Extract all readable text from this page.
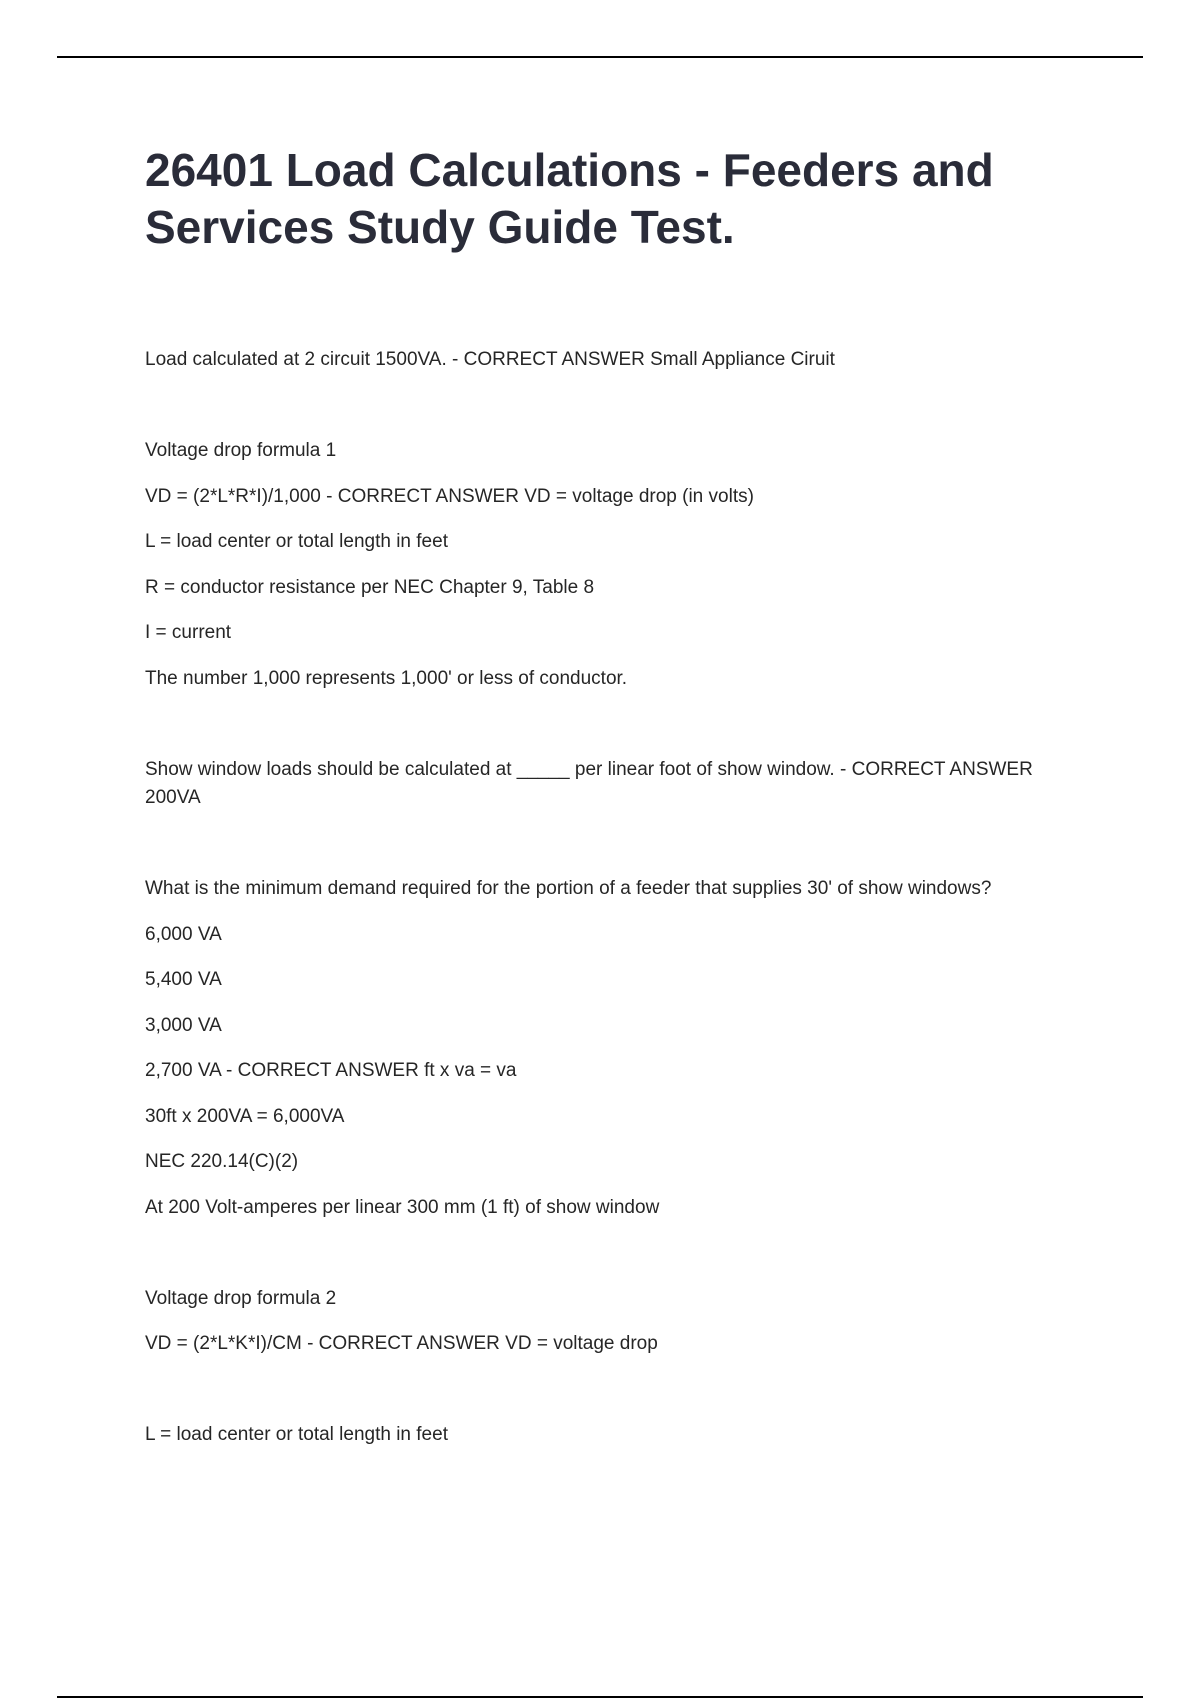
26401 Load Calculations - Feeders and Services Study Guide Test.

Load calculated at 2 circuit 1500VA. - CORRECT ANSWER Small Appliance Ciruit

Voltage drop formula 1

VD = (2*L*R*I)/1,000 - CORRECT ANSWER VD = voltage drop (in volts)

L = load center or total length in feet

R = conductor resistance per NEC Chapter 9, Table 8

I = current

The number 1,000 represents 1,000' or less of conductor.

Show window loads should be calculated at _____ per linear foot of show window. - CORRECT ANSWER 200VA

What is the minimum demand required for the portion of a feeder that supplies 30' of show windows?

6,000 VA

5,400 VA

3,000 VA

2,700 VA - CORRECT ANSWER ft x va = va

30ft x 200VA = 6,000VA

NEC 220.14(C)(2)

At 200 Volt-amperes per linear 300 mm (1 ft) of show window

Voltage drop formula 2

VD = (2*L*K*I)/CM - CORRECT ANSWER VD = voltage drop

L = load center or total length in feet
